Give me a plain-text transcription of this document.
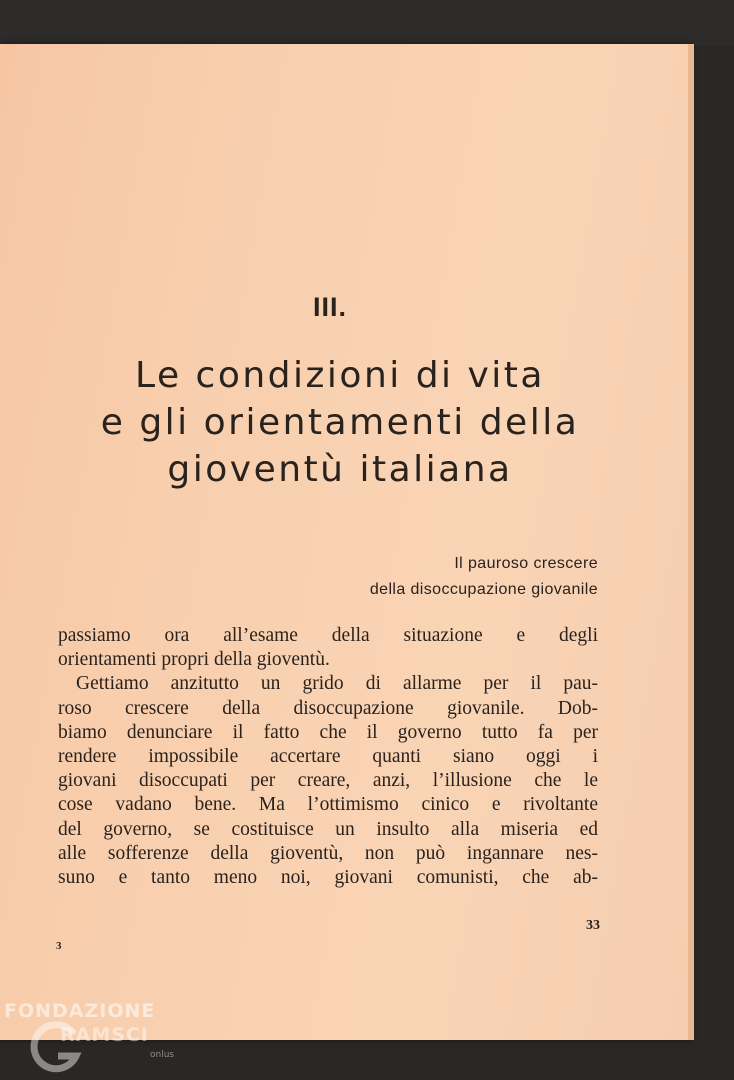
III.
Le condizioni di vita
e gli orientamenti della
gioventù italiana
Il pauroso crescere
della disoccupazione giovanile
passiamo ora all’esame della situazione e degli
orientamenti propri della gioventù.
Gettiamo anzitutto un grido di allarme per il pau-
roso crescere della disoccupazione giovanile. Dob-
biamo denunciare il fatto che il governo tutto fa per
rendere impossibile accertare quanti siano oggi i
giovani disoccupati per creare, anzi, l’illusione che le
cose vadano bene. Ma l’ottimismo cinico e rivoltante
del governo, se costituisce un insulto alla miseria ed
alle sofferenze della gioventù, non può ingannare nes-
suno e tanto meno noi, giovani comunisti, che ab-
33
3
FONDAZIONE
RAMSCI
onlus
